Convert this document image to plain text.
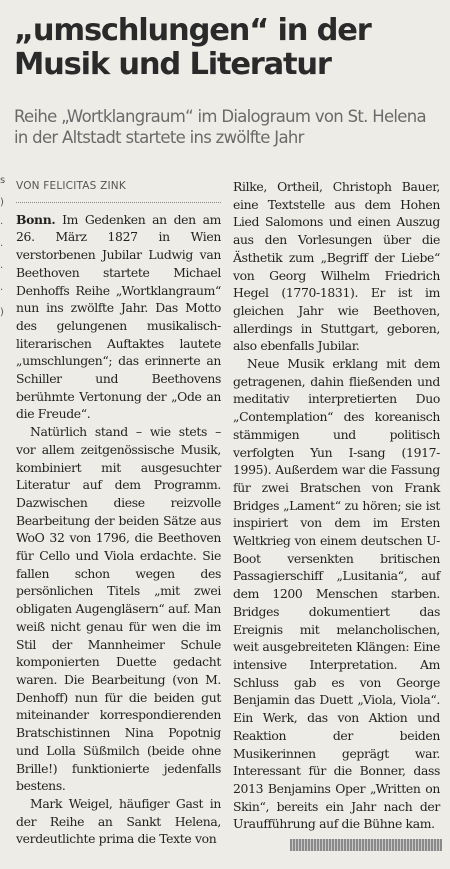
„umschlungen“ in der Musik und Literatur
Reihe „Wortklangraum“ im Dialograum von St. Helena in der Altstadt startete ins zwölfte Jahr
s
)
·
·
·
·
)
VON FELICITAS ZINK

Bonn. Im Gedenken an den am 26. März 1827 in Wien verstorbenen Jubilar Ludwig van Beethoven startete Michael Denhoffs Reihe „Wortklangraum“ nun ins zwölfte Jahr. Das Motto des gelungenen musikalisch-literarischen Auftaktes lautete „umschlungen“; das erinnerte an Schiller und Beethovens berühmte Vertonung der „Ode an die Freude“.

Natürlich stand – wie stets – vor allem zeitgenössische Musik, kombiniert mit ausgesuchter Literatur auf dem Programm. Dazwischen diese reizvolle Bearbeitung der beiden Sätze aus WoO 32 von 1796, die Beethoven für Cello und Viola erdachte. Sie fallen schon wegen des persönlichen Titels „mit zwei obligaten Augengläsern“ auf. Man weiß nicht genau für wen die im Stil der Mannheimer Schule komponierten Duette gedacht waren. Die Bearbeitung (von M. Denhoff) nun für die beiden gut miteinander korrespondierenden Bratschistinnen Nina Popotnig und Lolla Süßmilch (beide ohne Brille!) funktionierte jedenfalls bestens.

Mark Weigel, häufiger Gast in der Reihe an Sankt Helena, verdeutlichte prima die Texte von

Rilke, Ortheil, Christoph Bauer, eine Textstelle aus dem Hohen Lied Salomons und einen Auszug aus den Vorlesungen über die Ästhetik zum „Begriff der Liebe“ von Georg Wilhelm Friedrich Hegel (1770-1831). Er ist im gleichen Jahr wie Beethoven, allerdings in Stuttgart, geboren, also ebenfalls Jubilar.

Neue Musik erklang mit dem getragenen, dahin fließenden und meditativ interpretierten Duo „Contemplation“ des koreanisch stämmigen und politisch verfolgten Yun I-sang (1917-1995). Außerdem war die Fassung für zwei Bratschen von Frank Bridges „Lament“ zu hören; sie ist inspiriert von dem im Ersten Weltkrieg von einem deutschen U-Boot versenkten britischen Passagierschiff „Lusitania“, auf dem 1200 Menschen starben. Bridges dokumentiert das Ereignis mit melancholischen, weit ausgebreiteten Klängen: Eine intensive Interpretation. Am Schluss gab es von George Benjamin das Duett „Viola, Viola“. Ein Werk, das von Aktion und Reaktion der beiden Musikerinnen geprägt war. Interessant für die Bonner, dass 2013 Benjamins Oper „Written on Skin“, bereits ein Jahr nach der Uraufführung auf die Bühne kam.
